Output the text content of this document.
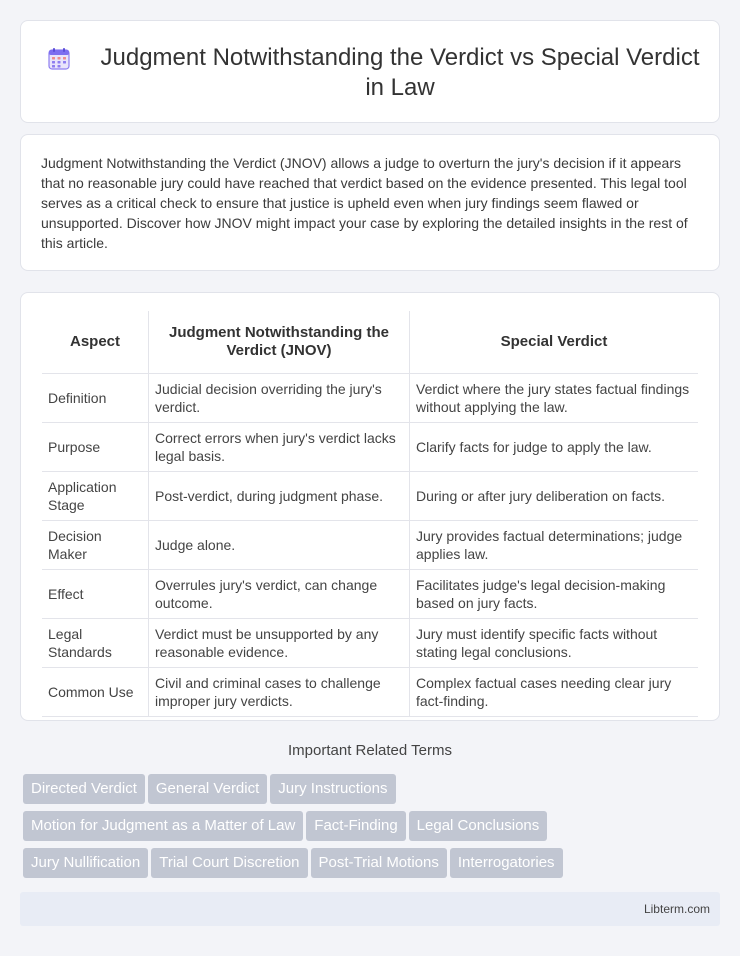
Judgment Notwithstanding the Verdict vs Special Verdict in Law

Judgment Notwithstanding the Verdict (JNOV) allows a judge to overturn the jury's decision if it appears that no reasonable jury could have reached that verdict based on the evidence presented. This legal tool serves as a critical check to ensure that justice is upheld even when jury findings seem flawed or unsupported. Discover how JNOV might impact your case by exploring the detailed insights in the rest of this article.

Aspect	Judgment Notwithstanding the Verdict (JNOV)	Special Verdict
Definition	Judicial decision overriding the jury's verdict.	Verdict where the jury states factual findings without applying the law.
Purpose	Correct errors when jury's verdict lacks legal basis.	Clarify facts for judge to apply the law.
Application Stage	Post-verdict, during judgment phase.	During or after jury deliberation on facts.
Decision Maker	Judge alone.	Jury provides factual determinations; judge applies law.
Effect	Overrules jury's verdict, can change outcome.	Facilitates judge's legal decision-making based on jury facts.
Legal Standards	Verdict must be unsupported by any reasonable evidence.	Jury must identify specific facts without stating legal conclusions.
Common Use	Civil and criminal cases to challenge improper jury verdicts.	Complex factual cases needing clear jury fact-finding.
Important Related Terms
Directed Verdict General Verdict Jury Instructions
Motion for Judgment as a Matter of Law Fact-Finding Legal Conclusions
Jury Nullification Trial Court Discretion Post-Trial Motions Interrogatories
Libterm.com
